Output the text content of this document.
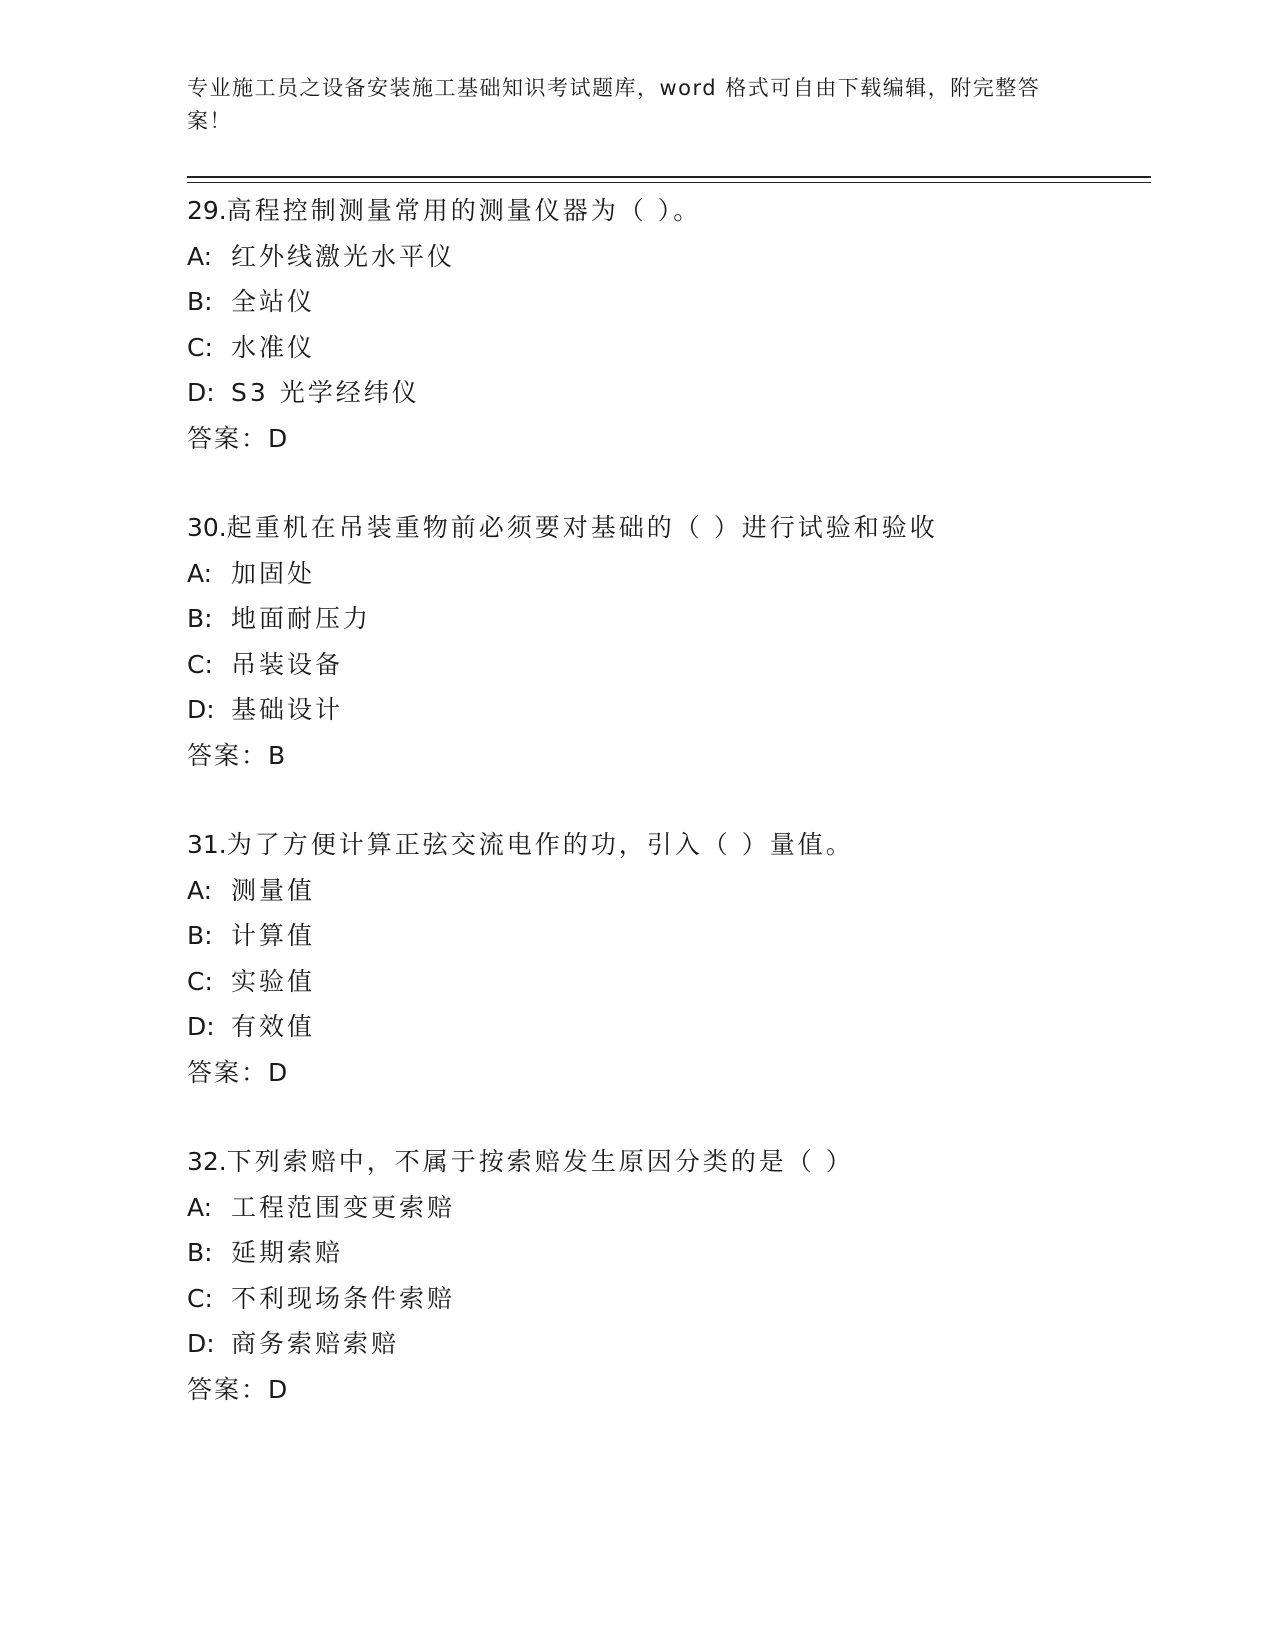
专业施工员之设备安装施工基础知识考试题库，word 格式可自由下载编辑，附完整答案！
29.高程控制测量常用的测量仪器为（ ）。
A: 红外线激光水平仪
B: 全站仪
C: 水准仪
D: S3 光学经纬仪
答案：D
30.起重机在吊装重物前必须要对基础的（ ）进行试验和验收
A: 加固处
B: 地面耐压力
C: 吊装设备
D: 基础设计
答案：B
31.为了方便计算正弦交流电作的功，引入（ ）量值。
A: 测量值
B: 计算值
C: 实验值
D: 有效值
答案：D
32.下列索赔中，不属于按索赔发生原因分类的是（ ）
A: 工程范围变更索赔
B: 延期索赔
C: 不利现场条件索赔
D: 商务索赔索赔
答案：D
